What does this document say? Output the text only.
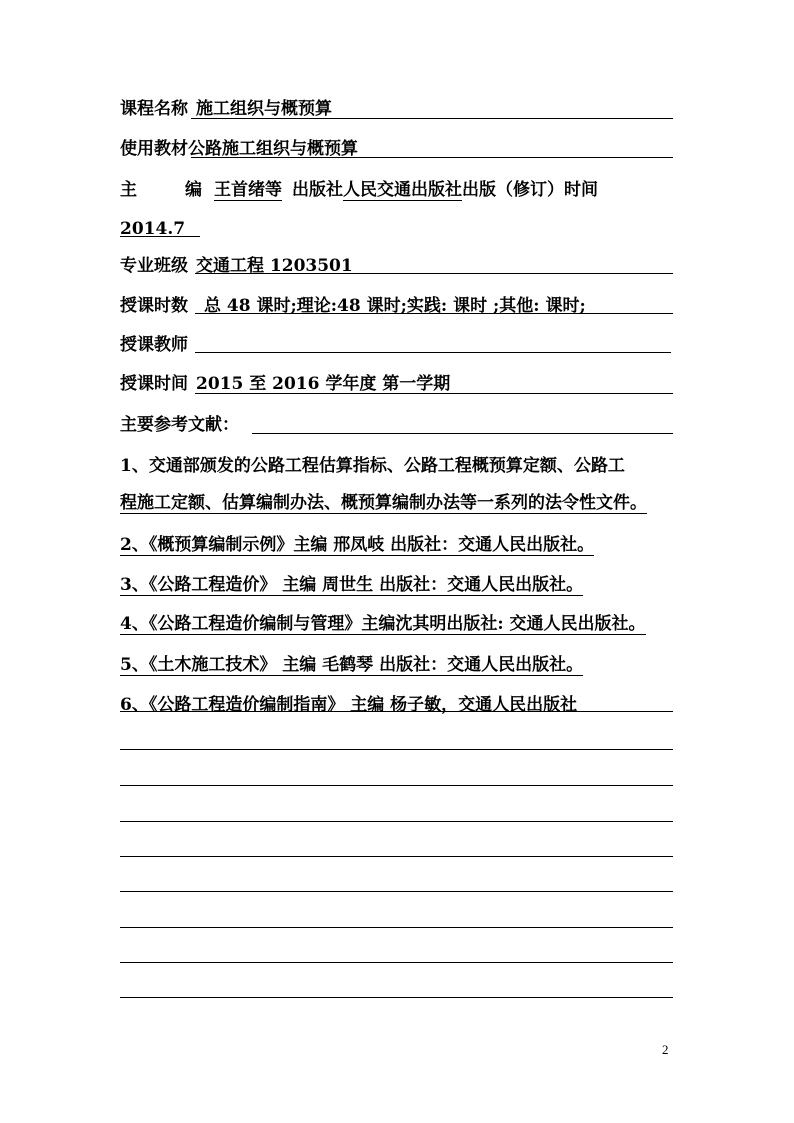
课程名称 施工组织与概预算
使用教材公路施工组织与概预算
主	编 王首绪等 出版社人民交通出版社出版（修订）时间
2014.7
专业班级 交通工程 1203501
授课时数 总 48 课时;理论:48 课时;实践: 课时 ;其他: 课时;
授课教师
授课时间 2015 至 2016 学年度 第一学期
主要参考文献：
1、交通部颁发的公路工程估算指标、公路工程概预算定额、公路工
程施工定额、估算编制办法、概预算编制办法等一系列的法令性文件。
2、《概预算编制示例》主编 邢凤岐 出版社：交通人民出版社。
3、《公路工程造价》 主编 周世生 出版社：交通人民出版社。
4、《公路工程造价编制与管理》主编沈其明出版社: 交通人民出版社。
5、《土木施工技术》 主编 毛鹤琴 出版社：交通人民出版社。
6、《公路工程造价编制指南》 主编 杨子敏，交通人民出版社
2
